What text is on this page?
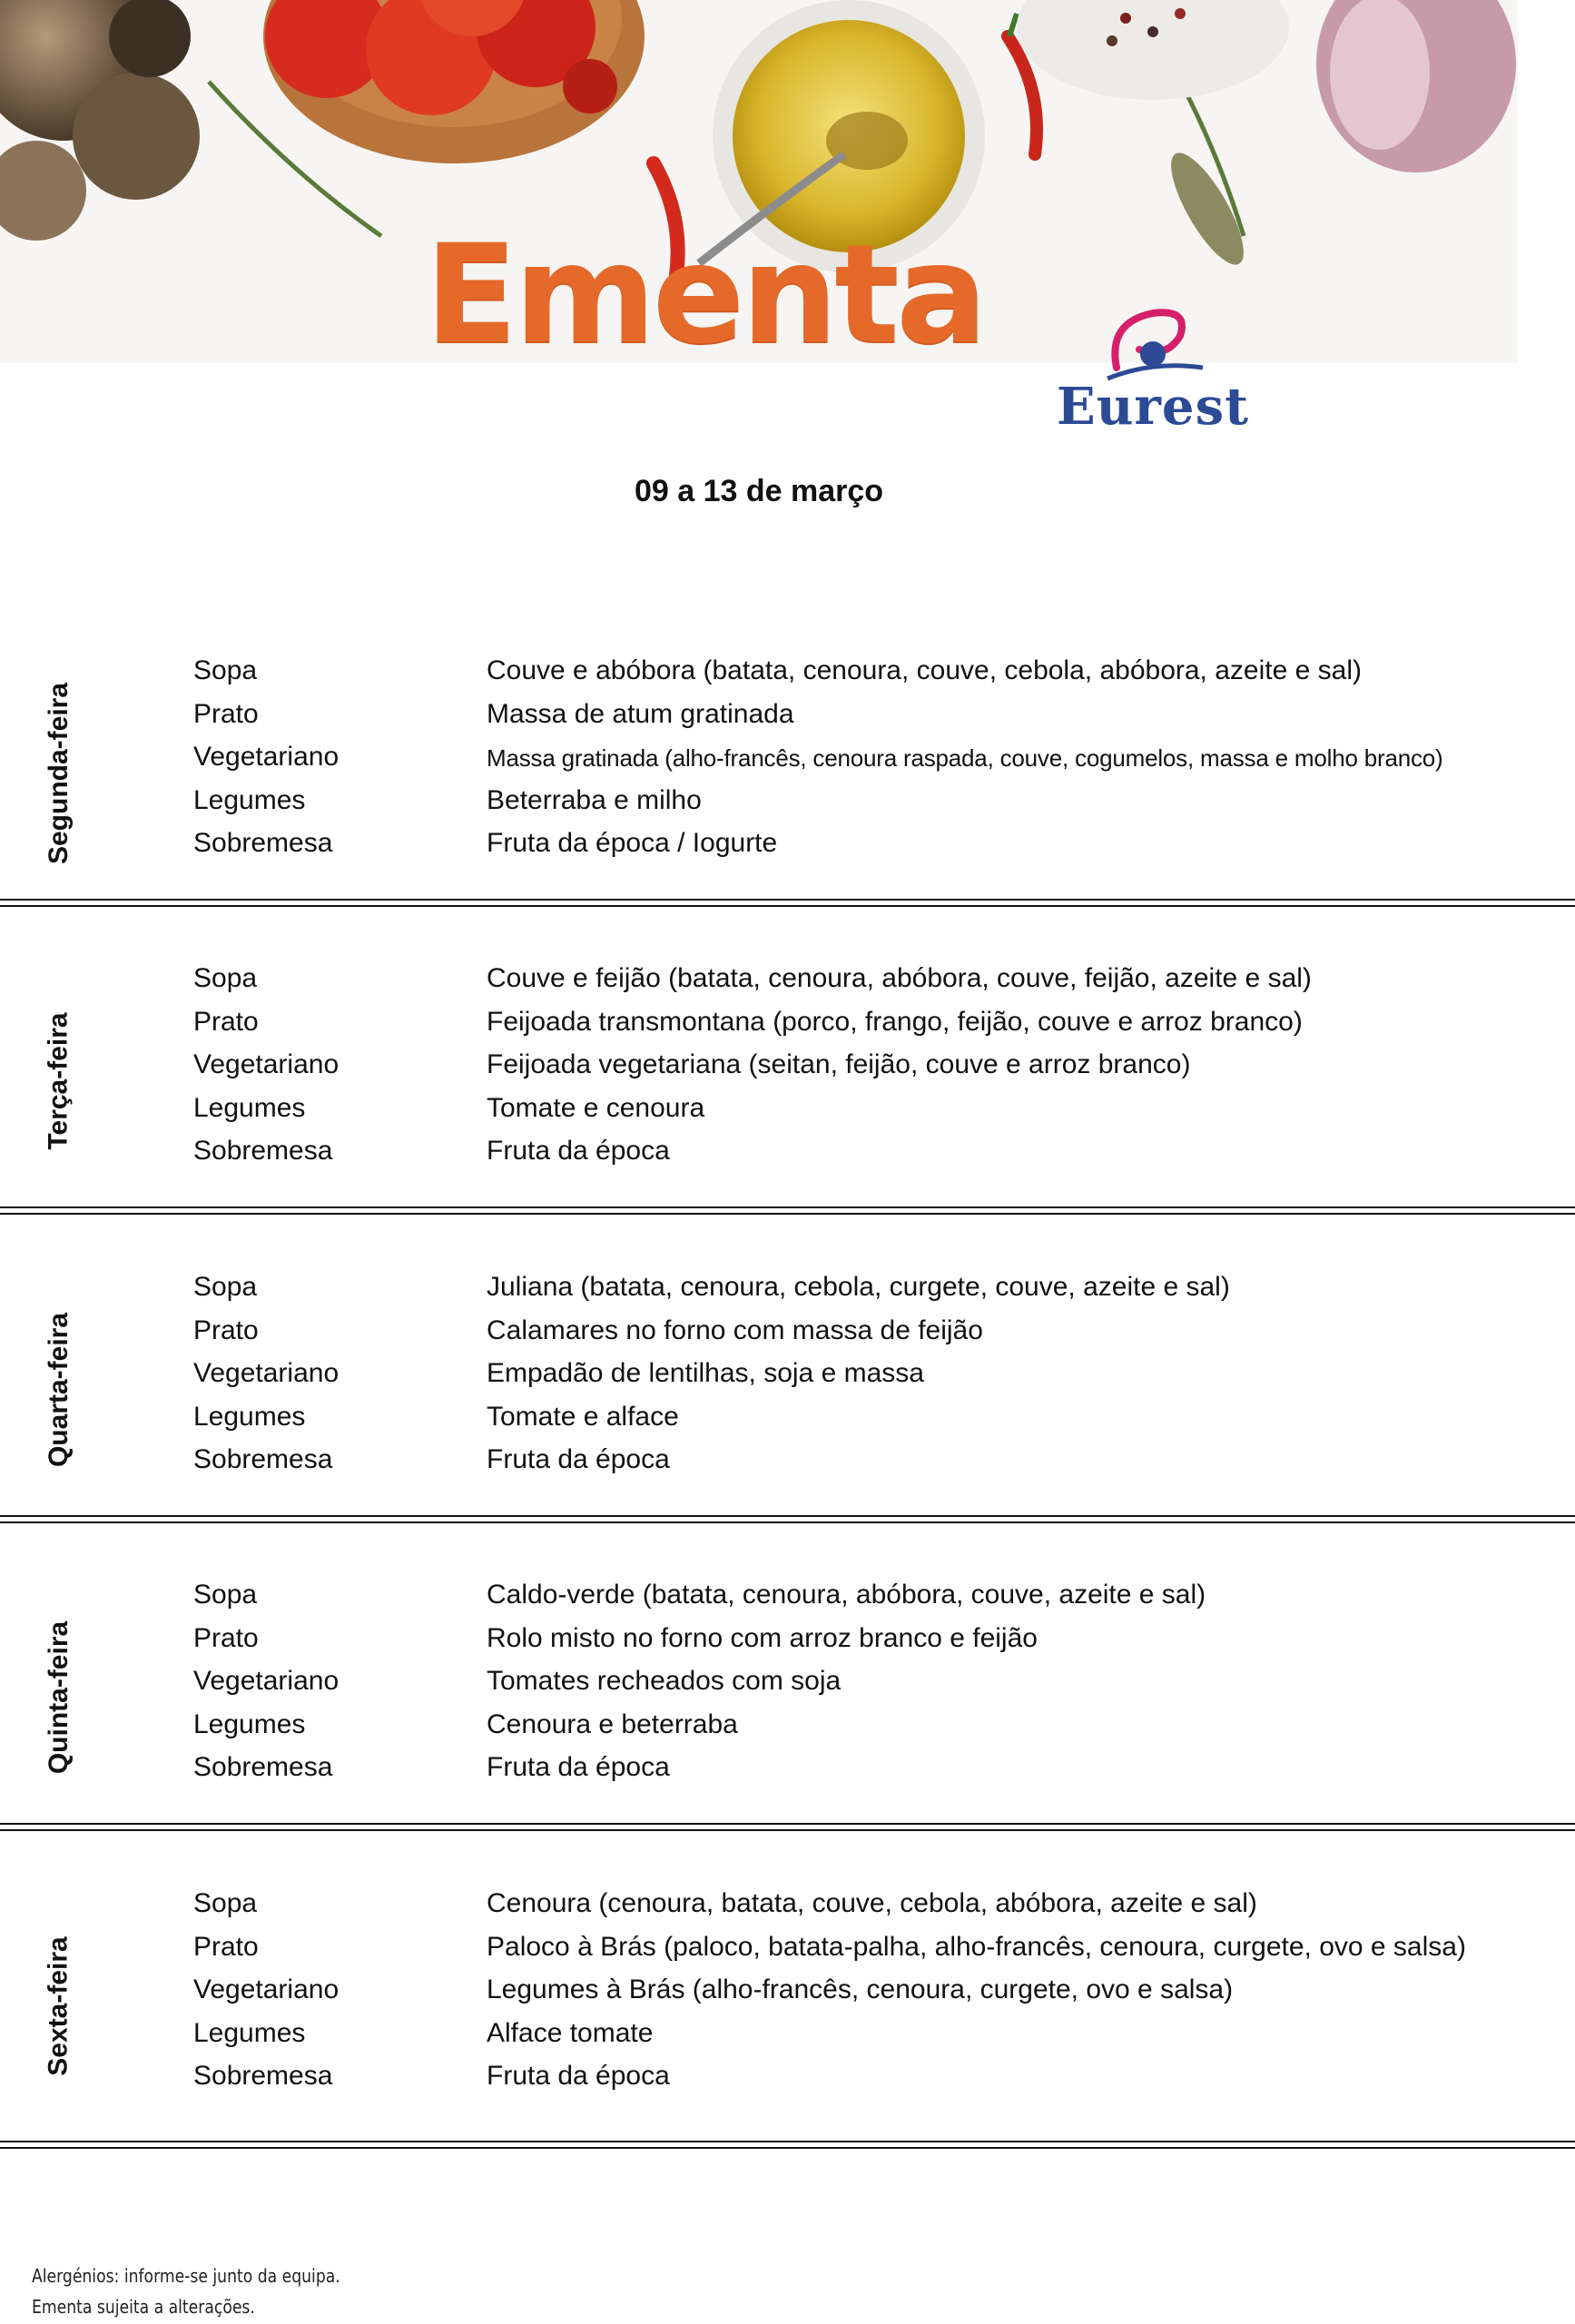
Ementa
Eurest
09 a 13 de março
Segunda-feira
Sopa	Couve e abóbora (batata, cenoura, couve, cebola, abóbora, azeite e sal)
Prato	Massa de atum gratinada
Vegetariano	Massa gratinada (alho-francês, cenoura raspada, couve, cogumelos, massa e molho branco)
Legumes	Beterraba e milho
Sobremesa	Fruta da época / Iogurte
Terça-feira
Sopa	Couve e feijão (batata, cenoura, abóbora, couve, feijão, azeite e sal)
Prato	Feijoada transmontana (porco, frango, feijão, couve e arroz branco)
Vegetariano	Feijoada vegetariana (seitan, feijão, couve e arroz branco)
Legumes	Tomate e cenoura
Sobremesa	Fruta da época
Quarta-feira
Sopa	Juliana (batata, cenoura, cebola, curgete, couve, azeite e sal)
Prato	Calamares no forno com massa de feijão
Vegetariano	Empadão de lentilhas, soja e massa
Legumes	Tomate e alface
Sobremesa	Fruta da época
Quinta-feira
Sopa	Caldo-verde (batata, cenoura, abóbora, couve, azeite e sal)
Prato	Rolo misto no forno com arroz branco e feijão
Vegetariano	Tomates recheados com soja
Legumes	Cenoura e beterraba
Sobremesa	Fruta da época
Sexta-feira
Sopa	Cenoura (cenoura, batata, couve, cebola, abóbora, azeite e sal)
Prato	Paloco à Brás (paloco, batata-palha, alho-francês, cenoura, curgete, ovo e salsa)
Vegetariano	Legumes à Brás (alho-francês, cenoura, curgete, ovo e salsa)
Legumes	Alface tomate
Sobremesa	Fruta da época
Alergénios: informe-se junto da equipa.
Ementa sujeita a alterações.
